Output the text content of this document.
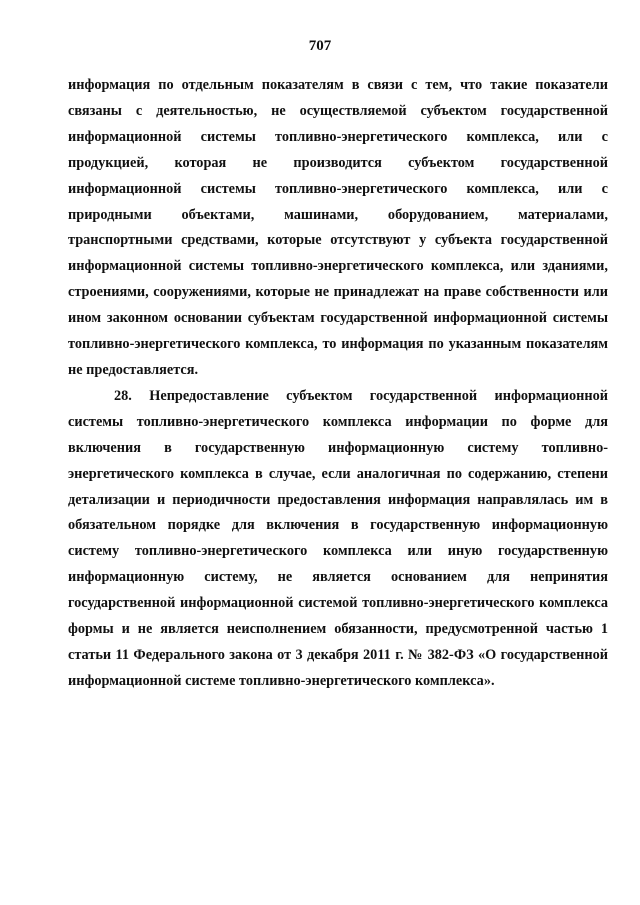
707

информация по отдельным показателям в связи с тем, что такие показатели связаны с деятельностью, не осуществляемой субъектом государственной информационной системы топливно-энергетического комплекса, или с продукцией, которая не производится субъектом государственной информационной системы топливно-энергетического комплекса, или с природными объектами, машинами, оборудованием, материалами, транспортными средствами, которые отсутствуют у субъекта государственной информационной системы топливно-энергетического комплекса, или зданиями, строениями, сооружениями, которые не принадлежат на праве собственности или ином законном основании субъектам государственной информационной системы топливно-энергетического комплекса, то информация по указанным показателям не предоставляется.

28. Непредоставление субъектом государственной информационной системы топливно-энергетического комплекса информации по форме для включения в государственную информационную систему топливно-энергетического комплекса в случае, если аналогичная по содержанию, степени детализации и периодичности предоставления информация направлялась им в обязательном порядке для включения в государственную информационную систему топливно-энергетического комплекса или иную государственную информационную систему, не является основанием для непринятия государственной информационной системой топливно-энергетического комплекса формы и не является неисполнением обязанности, предусмотренной частью 1 статьи 11 Федерального закона от 3 декабря 2011 г. № 382-ФЗ «О государственной информационной системе топливно-энергетического комплекса».
